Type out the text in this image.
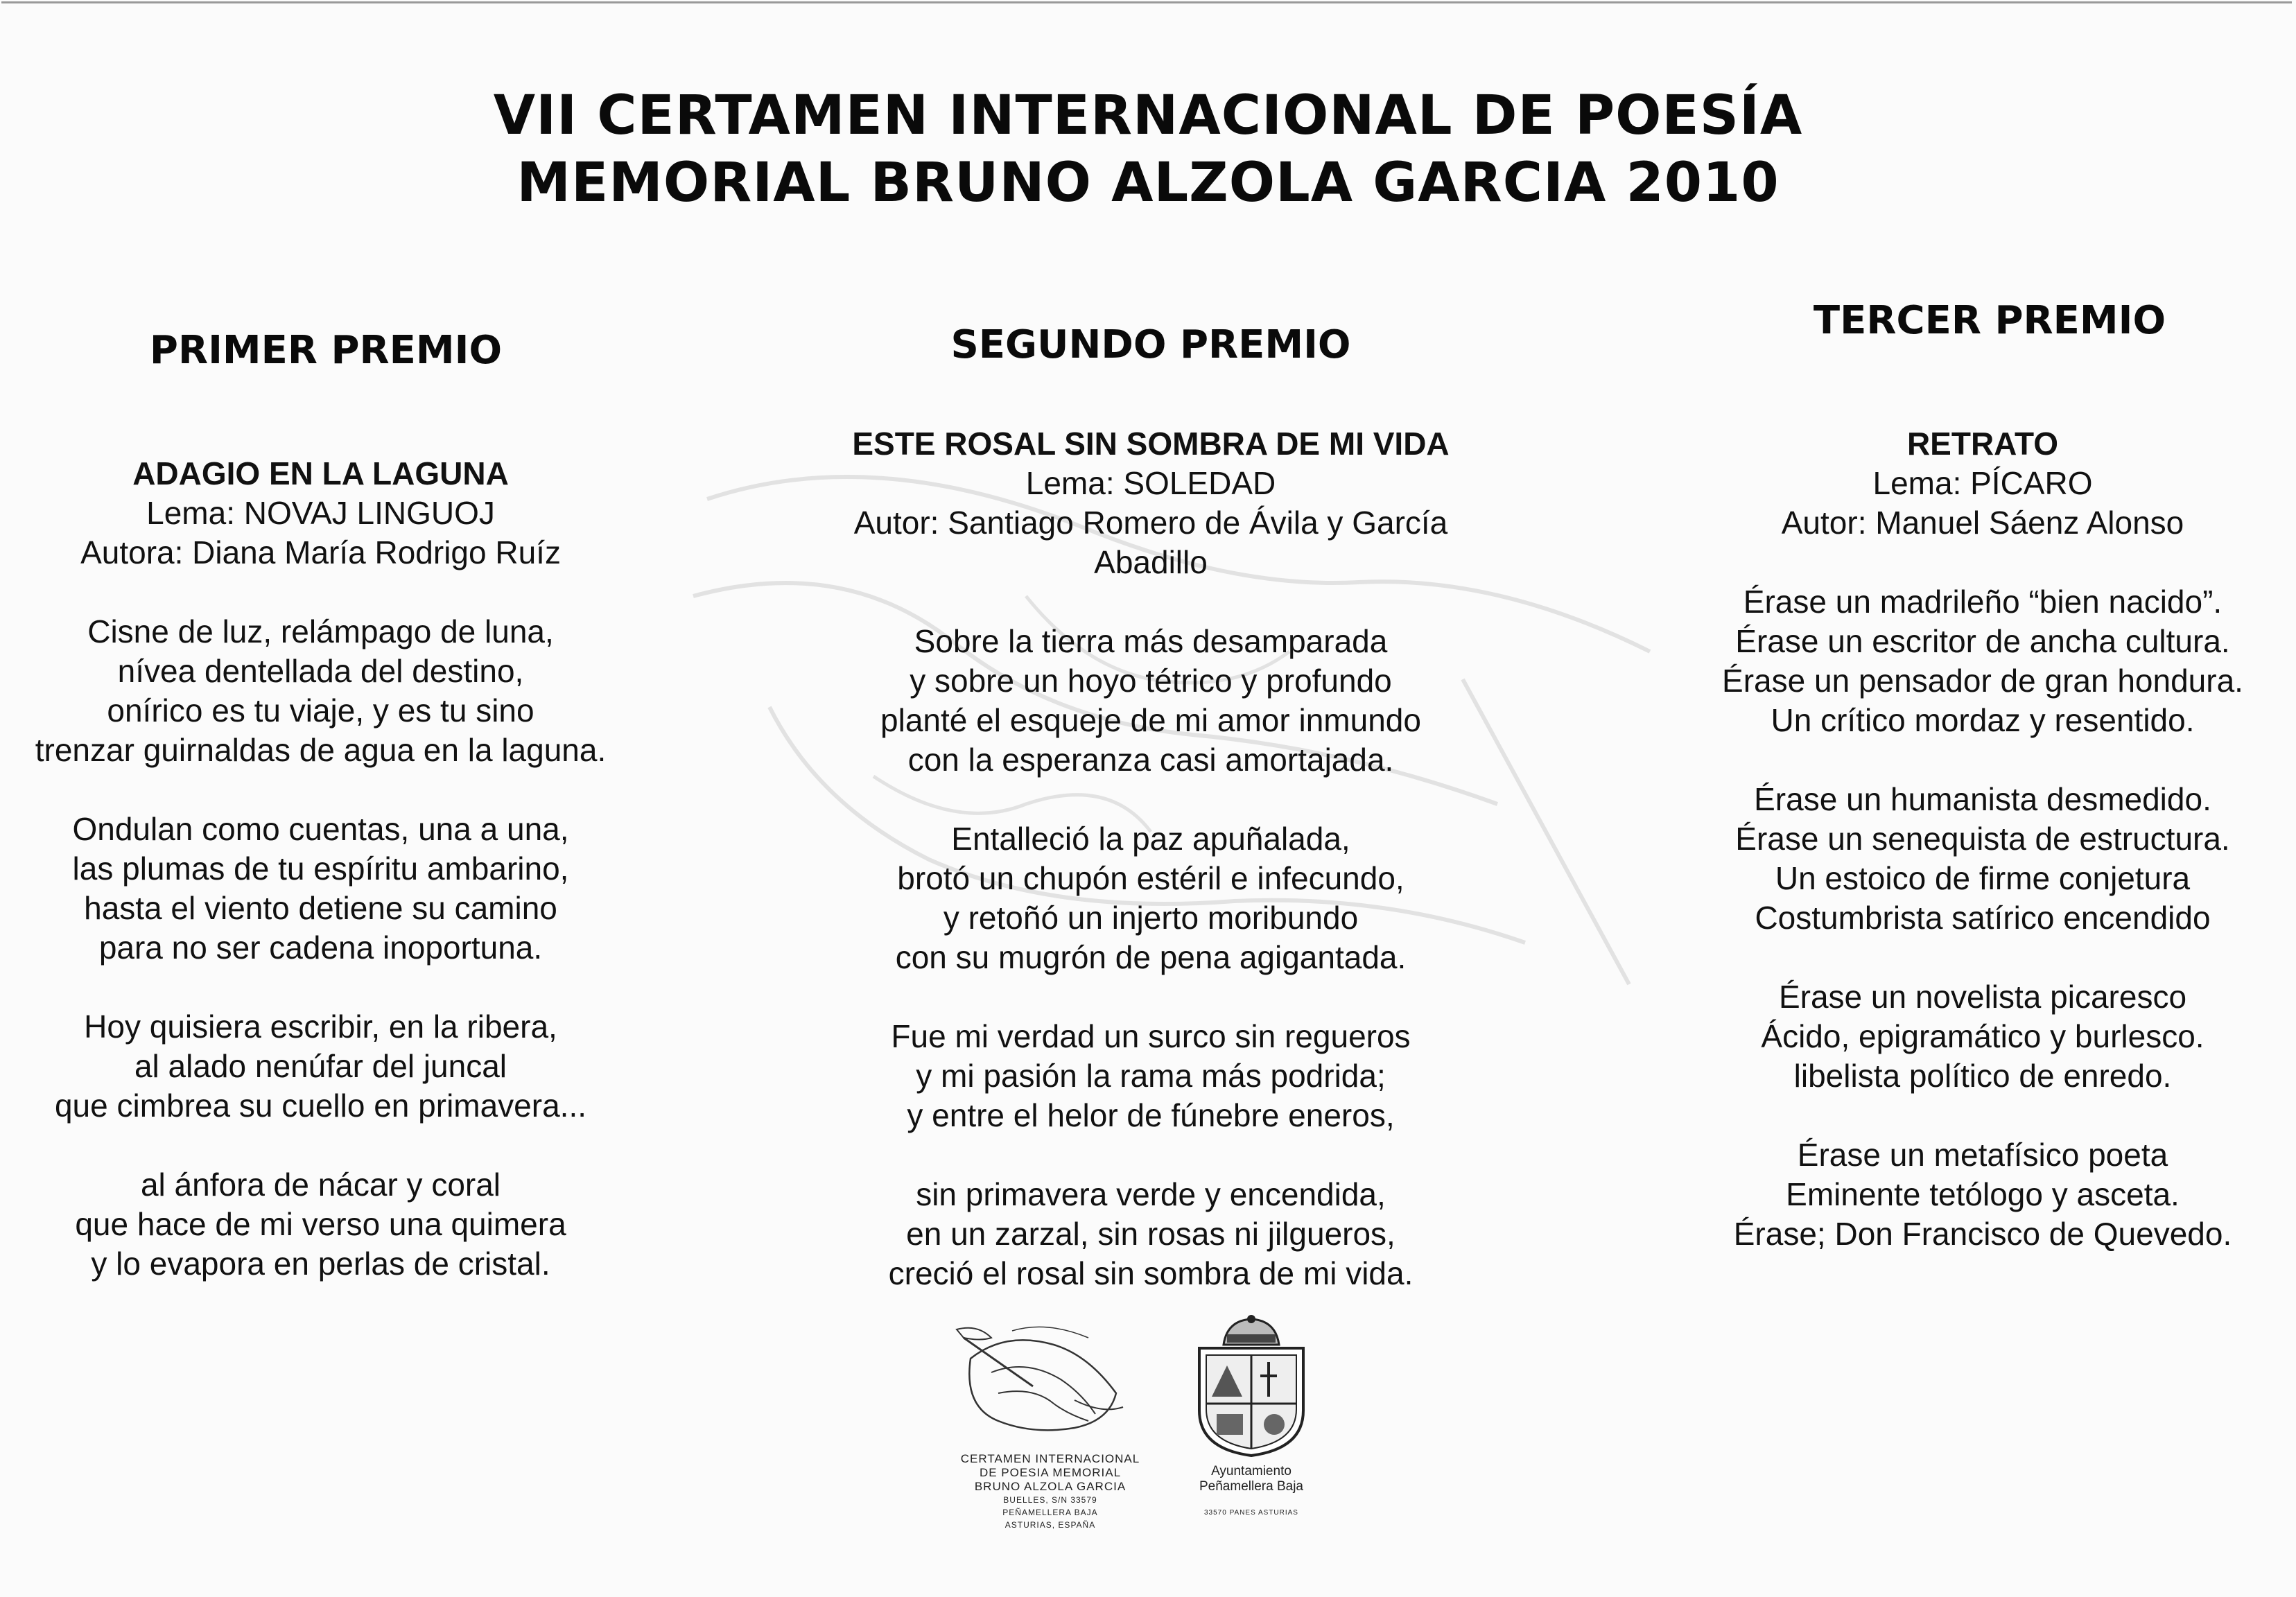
VII CERTAMEN INTERNACIONAL DE POESÍA
MEMORIAL BRUNO ALZOLA GARCIA 2010
PRIMER PREMIO	SEGUNDO PREMIO
TERCER PREMIO

ADAGIO EN LA LAGUNA

Lema: NOVAJ LINGUOJ

Autora: Diana María Rodrigo Ruíz

Cisne de luz, relámpago de luna,

nívea dentellada del destino,

onírico es tu viaje, y es tu sino

trenzar guirnaldas de agua en la laguna.

Ondulan como cuentas, una a una,

las plumas de tu espíritu ambarino,

hasta el viento detiene su camino

para no ser cadena inoportuna.

Hoy quisiera escribir, en la ribera,

al alado nenúfar del juncal

que cimbrea su cuello en primavera...

al ánfora de nácar y coral

que hace de mi verso una quimera

y lo evapora en perlas de cristal.

ESTE ROSAL SIN SOMBRA DE MI VIDA

Lema: SOLEDAD

Autor: Santiago Romero de Ávila y García

Abadillo

Sobre la tierra más desamparada

y sobre un hoyo tétrico y profundo

planté el esqueje de mi amor inmundo

con la esperanza casi amortajada.

Entalleció la paz apuñalada,

brotó un chupón estéril e infecundo,

y retoñó un injerto moribundo

con su mugrón de pena agigantada.

Fue mi verdad un surco sin regueros

y mi pasión la rama más podrida;

y entre el helor de fúnebre eneros,

sin primavera verde y encendida,

en un zarzal, sin rosas ni jilgueros,

creció el rosal sin sombra de mi vida.

RETRATO

Lema: PÍCARO

Autor: Manuel Sáenz Alonso

Érase un madrileño “bien nacido”.

Érase un escritor de ancha cultura.

Érase un pensador de gran hondura.

Un crítico mordaz y resentido.

Érase un humanista desmedido.

Érase un senequista de estructura.

Un estoico de firme conjetura

Costumbrista satírico encendido

Érase un novelista picaresco

Ácido, epigramático y burlesco.

libelista político de enredo.

Érase un metafísico poeta

Eminente tetólogo y asceta.

Érase; Don Francisco de Quevedo.

CERTAMEN INTERNACIONAL
DE POESIA MEMORIAL
BRUNO ALZOLA GARCIA
BUELLES, S/N 33579
PEÑAMELLERA BAJA
ASTURIAS, ESPAÑA
Ayuntamiento
Peñamellera Baja
33570 PANES ASTURIAS
